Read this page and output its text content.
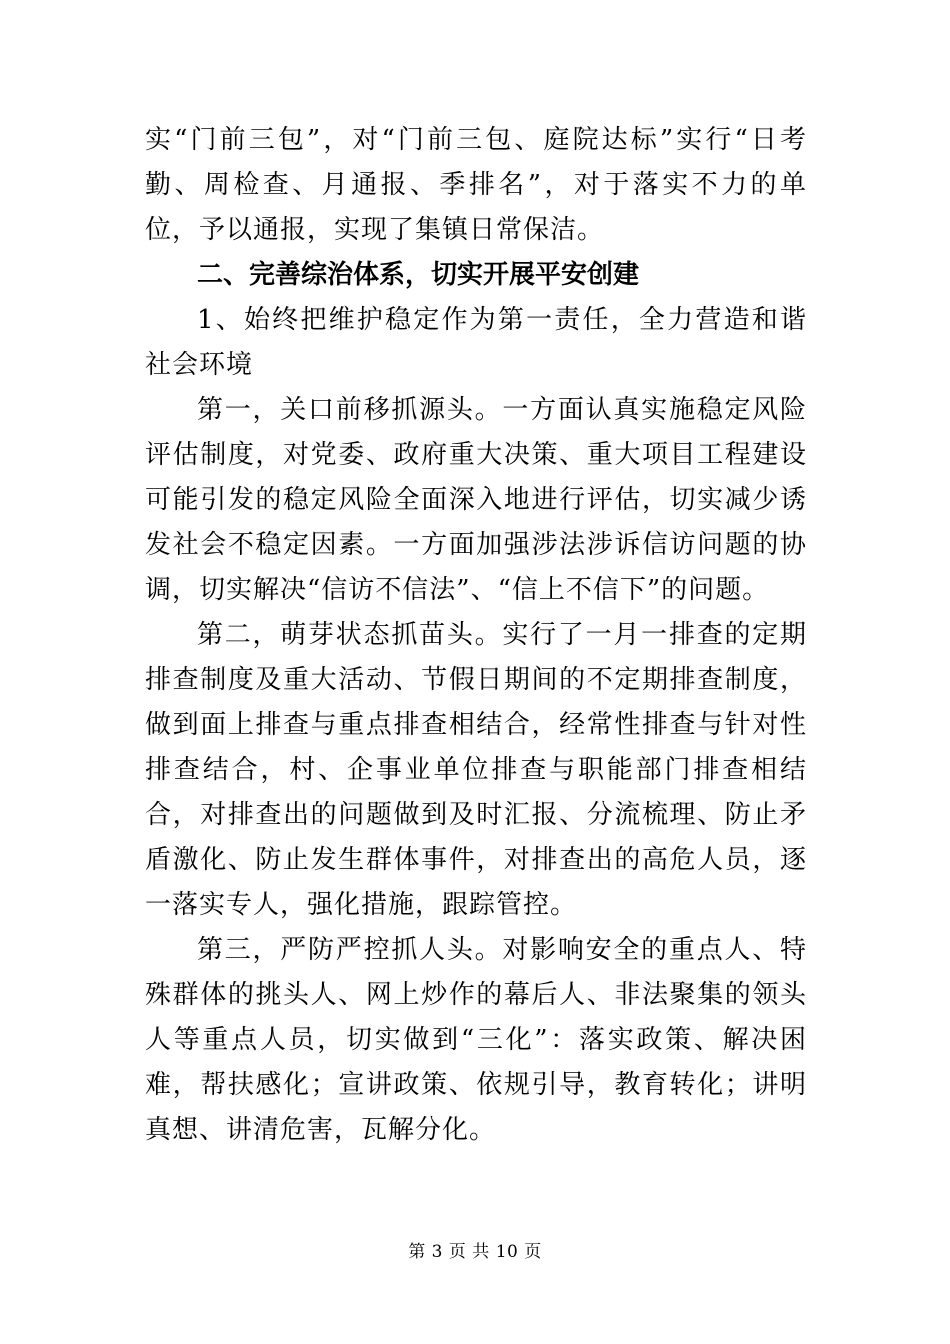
实“门前三包”，对“门前三包、庭院达标”实行“日考勤、周检查、月通报、季排名”，对于落实不力的单位，予以通报，实现了集镇日常保洁。

二、完善综治体系，切实开展平安创建

1、始终把维护稳定作为第一责任，全力营造和谐社会环境

第一，关口前移抓源头。一方面认真实施稳定风险评估制度，对党委、政府重大决策、重大项目工程建设可能引发的稳定风险全面深入地进行评估，切实减少诱发社会不稳定因素。一方面加强涉法涉诉信访问题的协调，切实解决“信访不信法”、“信上不信下”的问题。

第二，萌芽状态抓苗头。实行了一月一排查的定期排查制度及重大活动、节假日期间的不定期排查制度，做到面上排查与重点排查相结合，经常性排查与针对性排查结合，村、企事业单位排查与职能部门排查相结合，对排查出的问题做到及时汇报、分流梳理、防止矛盾激化、防止发生群体事件，对排查出的高危人员，逐一落实专人，强化措施，跟踪管控。

第三，严防严控抓人头。对影响安全的重点人、特殊群体的挑头人、网上炒作的幕后人、非法聚集的领头人等重点人员，切实做到“三化”：落实政策、解决困难，帮扶感化；宣讲政策、依规引导，教育转化；讲明真想、讲清危害，瓦解分化。

第 3 页 共 10 页
